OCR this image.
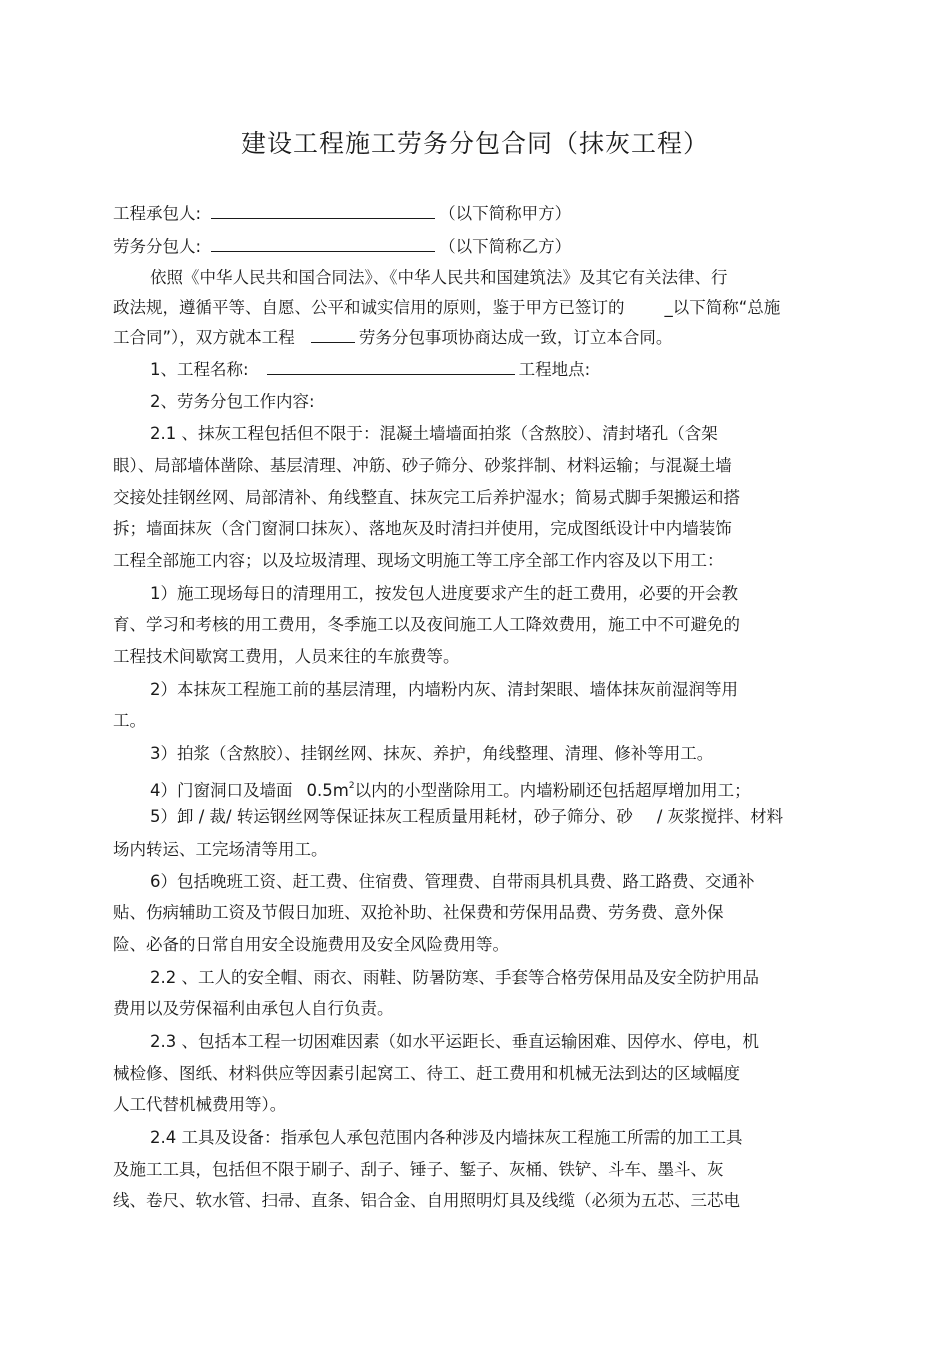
建设工程施工劳务分包合同（抹灰工程）
工程承包人:	（以下简称甲方）
劳务分包人:	（以下简称乙方）
依照《中华人民共和国合同法》、《中华人民共和国建筑法》及其它有关法律、行
政法规，遵循平等、自愿、公平和诚实信用的原则，鉴于甲方已签订的 _以下简称“总施
工合同”），双方就本工程	劳务分包事项协商达成一致，订立本合同。
1、工程名称:	工程地点:
2、劳务分包工作内容:
2.1 、抹灰工程包括但不限于：混凝土墙墙面拍浆（含熬胶）、清封堵孔（含架
眼）、局部墙体凿除、基层清理、冲筋、砂子筛分、砂浆拌制、材料运输；与混凝土墙
交接处挂钢丝网、局部清补、角线整直、抹灰完工后养护湿水；简易式脚手架搬运和搭
拆；墙面抹灰（含门窗洞口抹灰）、落地灰及时清扫并使用，完成图纸设计中内墙装饰
工程全部施工内容；以及垃圾清理、现场文明施工等工序全部工作内容及以下用工：
1）施工现场每日的清理用工，按发包人进度要求产生的赶工费用，必要的开会教
育、学习和考核的用工费用，冬季施工以及夜间施工人工降效费用，施工中不可避免的
工程技术间歇窝工费用，人员来往的车旅费等。
2）本抹灰工程施工前的基层清理，内墙粉内灰、清封架眼、墙体抹灰前湿润等用
工。
3）拍浆（含熬胶）、挂钢丝网、抹灰、养护，角线整理、清理、修补等用工。
4）门窗洞口及墙面 $0.5m^2$以内的小型凿除用工。内墙粉刷还包括超厚增加用工；
5）卸 / 裁/ 转运钢丝网等保证抹灰工程质量用耗材，砂子筛分、砂 / 灰浆搅拌、材料
场内转运、工完场清等用工。
6）包括晚班工资、赶工费、住宿费、管理费、自带雨具机具费、路工路费、交通补
贴、伤病辅助工资及节假日加班、双抢补助、社保费和劳保用品费、劳务费、意外保
险、必备的日常自用安全设施费用及安全风险费用等。
2.2 、工人的安全帽、雨衣、雨鞋、防暑防寒、手套等合格劳保用品及安全防护用品
费用以及劳保福利由承包人自行负责。
2.3 、包括本工程一切困难因素（如水平运距长、垂直运输困难、因停水、停电，机
械检修、图纸、材料供应等因素引起窝工、待工、赶工费用和机械无法到达的区域幅度
人工代替机械费用等）。
2.4 工具及设备：指承包人承包范围内各种涉及内墙抹灰工程施工所需的加工工具
及施工工具，包括但不限于刷子、刮子、锤子、錾子、灰桶、铁铲、斗车、墨斗、灰
线、卷尺、软水管、扫帚、直条、铝合金、自用照明灯具及线缆（必须为五芯、三芯电
